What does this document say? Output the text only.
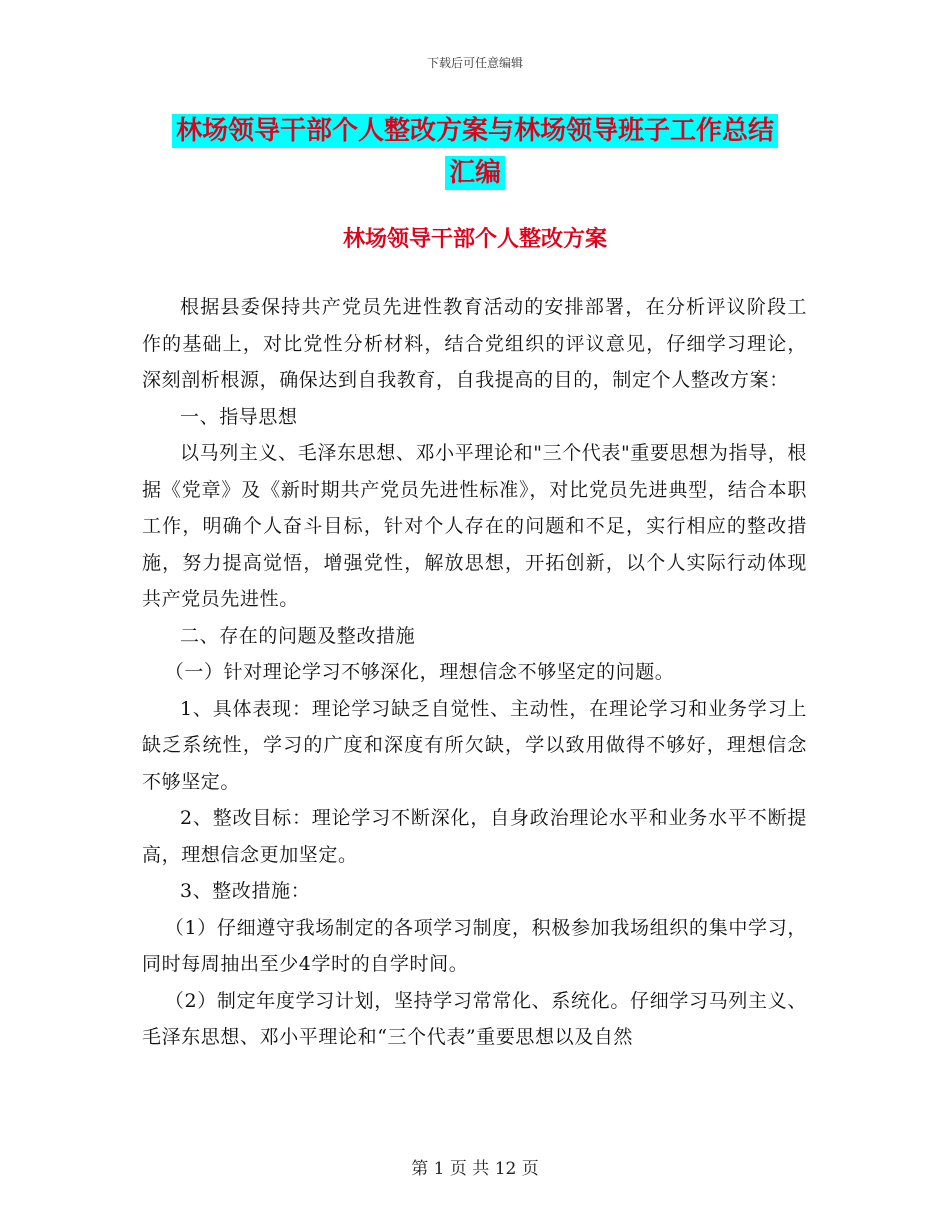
下载后可任意编辑
林场领导干部个人整改方案与林场领导班子工作总结
汇编
林场领导干部个人整改方案

根据县委保持共产党员先进性教育活动的安排部署，在分析评议阶段工作的基础上，对比党性分析材料，结合党组织的评议意见，仔细学习理论，深刻剖析根源，确保达到自我教育，自我提高的目的，制定个人整改方案：

一、指导思想

以马列主义、毛泽东思想、邓小平理论和"三个代表"重要思想为指导，根据《党章》及《新时期共产党员先进性标准》，对比党员先进典型，结合本职工作，明确个人奋斗目标，针对个人存在的问题和不足，实行相应的整改措施，努力提高觉悟，增强党性，解放思想，开拓创新，以个人实际行动体现共产党员先进性。

二、存在的问题及整改措施

（一）针对理论学习不够深化，理想信念不够坚定的问题。

1、具体表现：理论学习缺乏自觉性、主动性，在理论学习和业务学习上缺乏系统性，学习的广度和深度有所欠缺，学以致用做得不够好，理想信念不够坚定。

2、整改目标：理论学习不断深化，自身政治理论水平和业务水平不断提高，理想信念更加坚定。

3、整改措施：

（1）仔细遵守我场制定的各项学习制度，积极参加我场组织的集中学习，同时每周抽出至少4学时的自学时间。

（2）制定年度学习计划，坚持学习常常化、系统化。仔细学习马列主义、毛泽东思想、邓小平理论和“三个代表”重要思想以及自然

第 1 页 共 12 页
